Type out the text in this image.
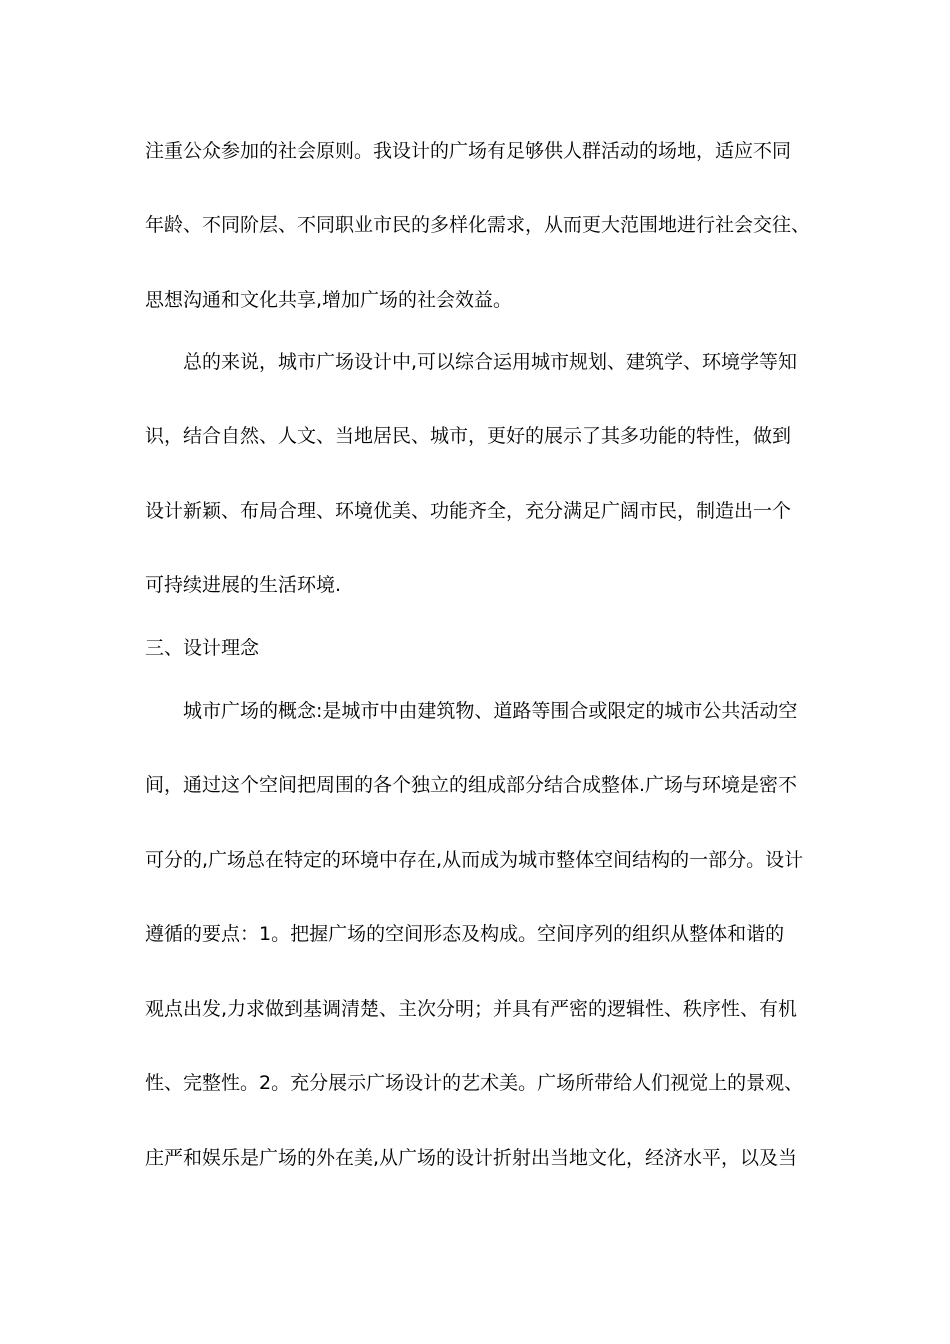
注重公众参加的社会原则。我设计的广场有足够供人群活动的场地，适应不同
年龄、不同阶层、不同职业市民的多样化需求，从而更大范围地进行社会交往、
思想沟通和文化共享,增加广场的社会效益。
总的来说，城市广场设计中,可以综合运用城市规划、建筑学、环境学等知
识，结合自然、人文、当地居民、城市，更好的展示了其多功能的特性，做到
设计新颖、布局合理、环境优美、功能齐全，充分满足广阔市民，制造出一个
可持续进展的生活环境.
三、设计理念
城市广场的概念:是城市中由建筑物、道路等围合或限定的城市公共活动空
间，通过这个空间把周围的各个独立的组成部分结合成整体.广场与环境是密不
可分的,广场总在特定的环境中存在,从而成为城市整体空间结构的一部分。设计
遵循的要点：1。把握广场的空间形态及构成。空间序列的组织从整体和谐的
观点出发,力求做到基调清楚、主次分明；并具有严密的逻辑性、秩序性、有机
性、完整性。2。充分展示广场设计的艺术美。广场所带给人们视觉上的景观、
庄严和娱乐是广场的外在美,从广场的设计折射出当地文化，经济水平，以及当
